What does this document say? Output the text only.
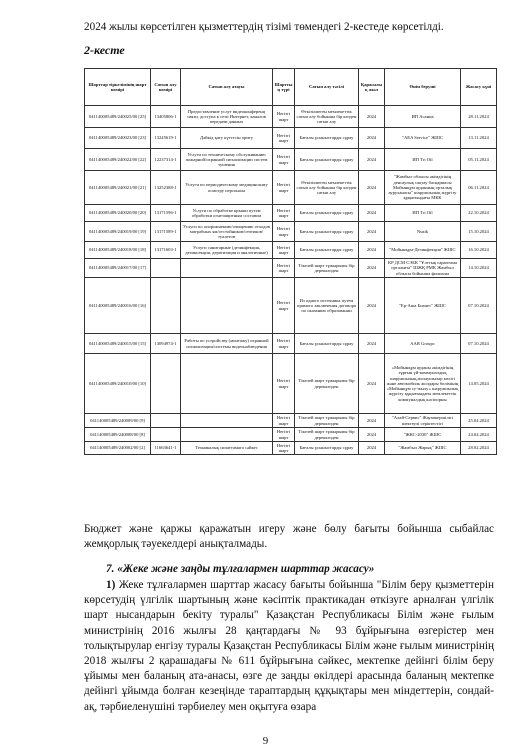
2024 жылы көрсетілген қызметтердің тізімі төмендегі 2-кестеде көрсетілді.
2-кесте
Шарттар тіркелімінің шарт нөмірі	Сатып алу нөмірі	Сатып алу атауы	Шарттың түрі	Сатып алу тәсілі	Қаржылық жыл	Өнім беруші	Жасасу күні
041140005489/240025/00 [25]	13405806-1	Предоставление услуг видеоконференц связи, доступа к сети Интернет, каналов передачи данных	Негізгі шарт	Өткізілмеген мемлекеттік сатып алу бойынша бір көзден сатып алу	2024	ИП Асанов	28.11.2024
041140005489/240023/00 [23]	13245619-1	Дәйкід қату күттесін ориту	Негізгі шарт	Бағалы ұсыныстарды сұрау	2024	"AEA Service" ЖШС	13.11.2024
041140005489/240022/00 [22]	12237314-1	Услуги по техническому обслуживанию пожарной/охранной сигнализации систем тушения	Негізгі шарт	Бағалы ұсыныстарды сұрау	2024	ИП Tri Oil	05.11.2024
041140005489/240021/00 [21]	13252388-1	Услуги по периодическому медицинскому осмотру персонала	Негізгі шарт	Өткізілмеген мемлекеттік сатып алу бойынша бір көзден сатып алу	2024	"Жамбыл облысы әкімдігінің денсаулық сақтау басқармасы Мойынқұм ауданның орталық ауруханасы" шаруашылық жүргізу құқығындағы МКК	06.11.2024
041140005489/240020/00 [20]	13171596-1	Услуги по обработке крыши путем обработки огнезащитным составом	Негізгі шарт	Бағалы ұсыныстарды сұрау	2024	ИП Tri Oil	22.10.2024
041140005489/240019/00 [19]	13171589-1	Услуги по опорожнению/очищению отходов матрабных ям/отстойников/септиков/туалетов	Негізгі шарт	Бағалы ұсыныстарды сұрау	2024	Nuzik	15.10.2024
041140005489/240018/00 [18]	13171603-1	Услуги санитарные (дезинфекция, дезинсекция, дератизация и аналогичные)	Негізгі шарт	Бағалы ұсыныстарды сұрау	2024	"Мойынқұм-Дезинфекция" ЖШС	16.10.2024
041140005489/240017/00 [17]			Негізгі шарт	Тікелей шарт тұжырымы бір дереккөзден	2024	КР ДСМ СЭБК "Ұлттық сараптама орталығы" ШЖҚ РМК Жамбыл облысы бойынша филиалы	14.10.2024
041140005489/240016/00 [16]			Негізгі шарт	Из одного источника путем прямого заключения договора по оказанию образовании	2024	"Ер-Аша Бизнес" ЖШС	07.10.2024
041140005489/240015/00 [15]	13094974-1	Работы по устройству (монтажу) охранной сигнализации/системы видеонаблюдения	Негізгі шарт	Бағалы ұсыныстарды сұрау	2024	AAR Groupc	07.10.2024
041140005489/240010/00 [10]			Негізгі шарт	Тікелей шарт тұжырымы бір дереккөзден	2024	«Мойынқұм ауданы әкімдігінің тұрғын үй-коммуналдық шаруашылық,жолаушылар көлігі және автомобиль жолдары бөлімінің «Мойынқұм су-жылу» шаруашылық жүргізу құқығындағы мемлекеттік коммуналдық кәсіпорны	14.05.2024
041140005489/240009/00 [9]			Негізгі шарт	Тікелей шарт тұжырымы бір дереккөзден	2024	"Алай-Сервис" Жауапкершілігі шектеулі серіктестігі	25.04.2024
041140005489/240008/00 [8]			Негізгі шарт	Тікелей шарт тұжырымы бір дереккөзден	2024	"ЖКС-2030" ЖШС	24.04.2024
041140005489/240002/00 [2]	11663641-1	Техникалық сипаттамага сәйкес	Негізгі шарт	Бағалы ұсыныстарды сұрау	2024	"Жамбыл Жарық" ЖШС	28.02.2024
Бюджет және қаржы қаражатын игеру және бөлу бағыты бойынша сыбайлас жемқорлық тәуекелдері анықталмады.
7. «Жеке және заңды тұлғалармен шарттар жасасу»
1) Жеке тұлғалармен шарттар жасасу бағыты бойынша "Білім беру қызметтерін көрсетудің үлгілік шартының және кәсіптік практикадан өткізуге арналған үлгілік шарт нысандарын бекіту туралы" Қазақстан Республикасы Білім және ғылым министрінің 2016 жылғы 28 қаңтардағы № 93 бұйрығына өзгерістер мен толықтырулар енгізу туралы Қазақстан Республикасы Білім және ғылым министрінің 2018 жылғы 2 қарашадағы № 611 бұйрығына сәйкес, мектепке дейінгі білім беру ұйымы мен баланың ата-анасы, өзге де заңды өкілдері арасында баланың мектепке дейінгі ұйымда болған кезеңінде тараптардың құқықтары мен міндеттерін, сондай-ақ, тәрбиеленушіні тәрбиелеу мен оқытуға өзара
9
